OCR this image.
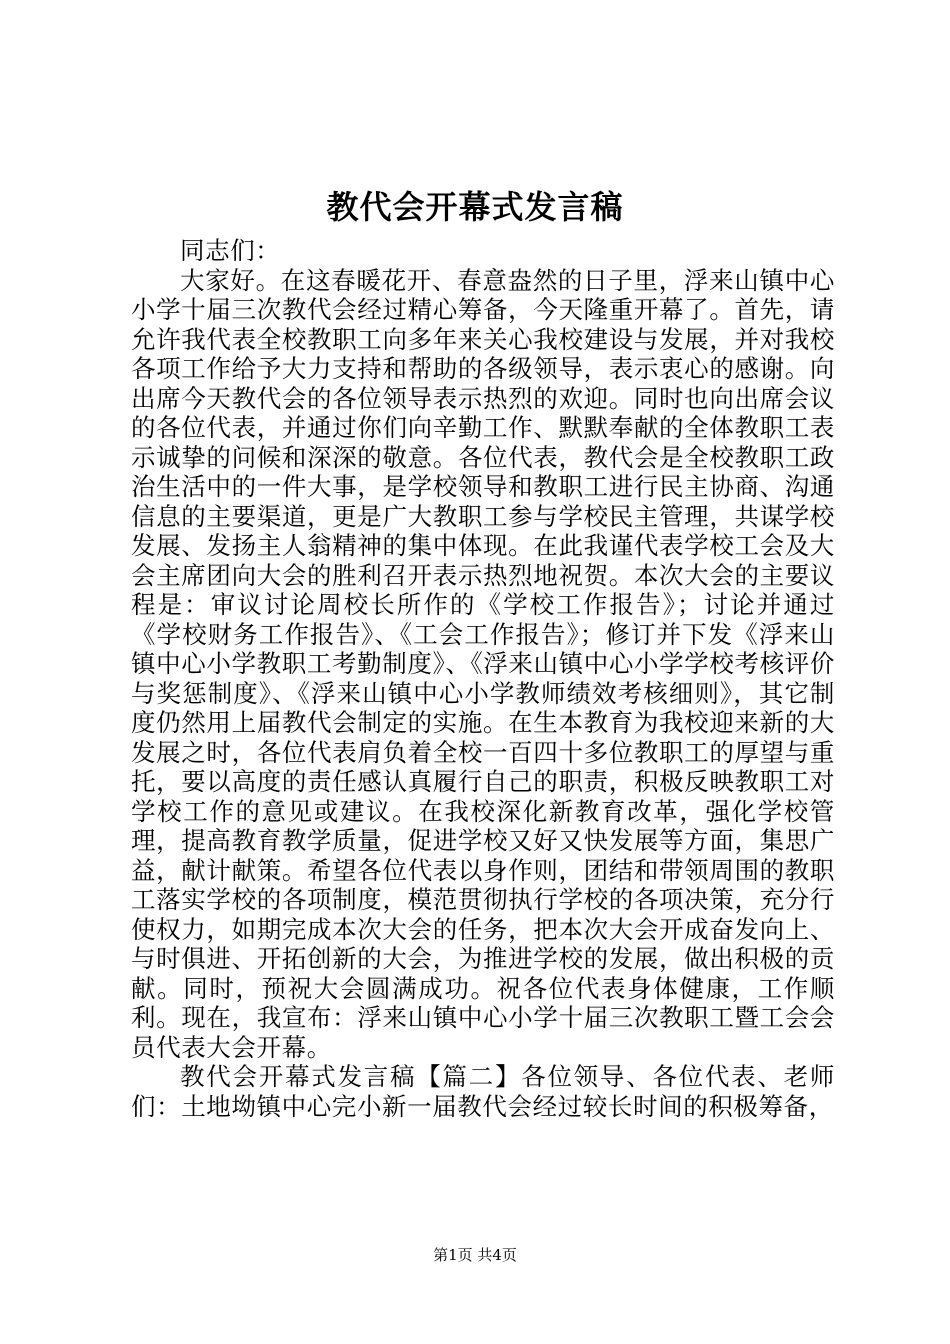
教代会开幕式发言稿

同志们：

大家好。在这春暖花开、春意盎然的日子里，浮来山镇中心小学十届三次教代会经过精心筹备，今天隆重开幕了。首先，请允许我代表全校教职工向多年来关心我校建设与发展，并对我校各项工作给予大力支持和帮助的各级领导，表示衷心的感谢。向出席今天教代会的各位领导表示热烈的欢迎。同时也向出席会议的各位代表，并通过你们向辛勤工作、默默奉献的全体教职工表示诚挚的问候和深深的敬意。各位代表，教代会是全校教职工政治生活中的一件大事，是学校领导和教职工进行民主协商、沟通信息的主要渠道，更是广大教职工参与学校民主管理，共谋学校发展、发扬主人翁精神的集中体现。在此我谨代表学校工会及大会主席团向大会的胜利召开表示热烈地祝贺。本次大会的主要议程是：审议讨论周校长所作的《学校工作报告》；讨论并通过《学校财务工作报告》、《工会工作报告》；修订并下发《浮来山镇中心小学教职工考勤制度》、《浮来山镇中心小学学校考核评价与奖惩制度》、《浮来山镇中心小学教师绩效考核细则》，其它制度仍然用上届教代会制定的实施。在生本教育为我校迎来新的大发展之时，各位代表肩负着全校一百四十多位教职工的厚望与重托，要以高度的责任感认真履行自己的职责，积极反映教职工对学校工作的意见或建议。在我校深化新教育改革，强化学校管理，提高教育教学质量，促进学校又好又快发展等方面，集思广益，献计献策。希望各位代表以身作则，团结和带领周围的教职工落实学校的各项制度，模范贯彻执行学校的各项决策，充分行使权力，如期完成本次大会的任务，把本次大会开成奋发向上、与时俱进、开拓创新的大会，为推进学校的发展，做出积极的贡献。同时，预祝大会圆满成功。祝各位代表身体健康，工作顺利。现在，我宣布：浮来山镇中心小学十届三次教职工暨工会会员代表大会开幕。

教代会开幕式发言稿【篇二】各位领导、各位代表、老师们：土地坳镇中心完小新一届教代会经过较长时间的积极筹备，

第1页 共4页
